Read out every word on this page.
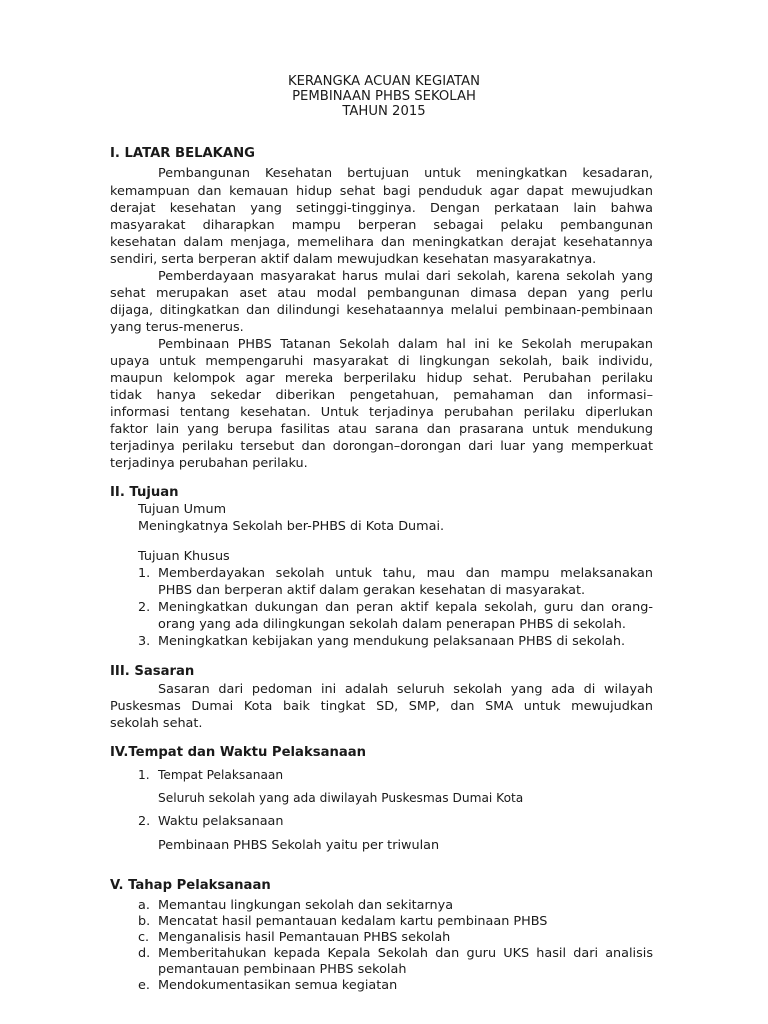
KERANGKA ACUAN KEGIATAN
PEMBINAAN PHBS SEKOLAH
TAHUN 2015
I. LATAR BELAKANG
Pembangunan Kesehatan bertujuan untuk meningkatkan kesadaran,
kemampuan dan kemauan hidup sehat bagi penduduk agar dapat mewujudkan
derajat kesehatan yang setinggi-tingginya. Dengan perkataan lain bahwa
masyarakat diharapkan mampu berperan sebagai pelaku pembangunan
kesehatan dalam menjaga, memelihara dan meningkatkan derajat kesehatannya
sendiri, serta berperan aktif dalam mewujudkan kesehatan masyarakatnya.
Pemberdayaan masyarakat harus mulai dari sekolah, karena sekolah yang
sehat merupakan aset atau modal pembangunan dimasa depan yang perlu
dijaga, ditingkatkan dan dilindungi kesehataannya melalui pembinaan-pembinaan
yang terus-menerus.
Pembinaan PHBS Tatanan Sekolah dalam hal ini ke Sekolah merupakan
upaya untuk mempengaruhi masyarakat di lingkungan sekolah, baik individu,
maupun kelompok agar mereka berperilaku hidup sehat. Perubahan perilaku
tidak hanya sekedar diberikan pengetahuan, pemahaman dan informasi–
informasi tentang kesehatan. Untuk terjadinya perubahan perilaku diperlukan
faktor lain yang berupa fasilitas atau sarana dan prasarana untuk mendukung
terjadinya perilaku tersebut dan dorongan–dorongan dari luar yang memperkuat
terjadinya perubahan perilaku.
II. Tujuan
Tujuan Umum
Meningkatnya Sekolah ber-PHBS di Kota Dumai.
Tujuan Khusus
1. Memberdayakan sekolah untuk tahu, mau dan mampu melaksanakan
PHBS dan berperan aktif dalam gerakan kesehatan di masyarakat.
2. Meningkatkan dukungan dan peran aktif kepala sekolah, guru dan orang-
orang yang ada dilingkungan sekolah dalam penerapan PHBS di sekolah.
3. Meningkatkan kebijakan yang mendukung pelaksanaan PHBS di sekolah.
III. Sasaran
Sasaran dari pedoman ini adalah seluruh sekolah yang ada di wilayah
Puskesmas Dumai Kota baik tingkat SD, SMP, dan SMA untuk mewujudkan
sekolah sehat.
IV.Tempat dan Waktu Pelaksanaan
1. Tempat Pelaksanaan
Seluruh sekolah yang ada diwilayah Puskesmas Dumai Kota
2. Waktu pelaksanaan
Pembinaan PHBS Sekolah yaitu per triwulan
V. Tahap Pelaksanaan
a. Memantau lingkungan sekolah dan sekitarnya
b. Mencatat hasil pemantauan kedalam kartu pembinaan PHBS
c. Menganalisis hasil Pemantauan PHBS sekolah
d. Memberitahukan kepada Kepala Sekolah dan guru UKS hasil dari analisis
pemantauan pembinaan PHBS sekolah
e. Mendokumentasikan semua kegiatan
